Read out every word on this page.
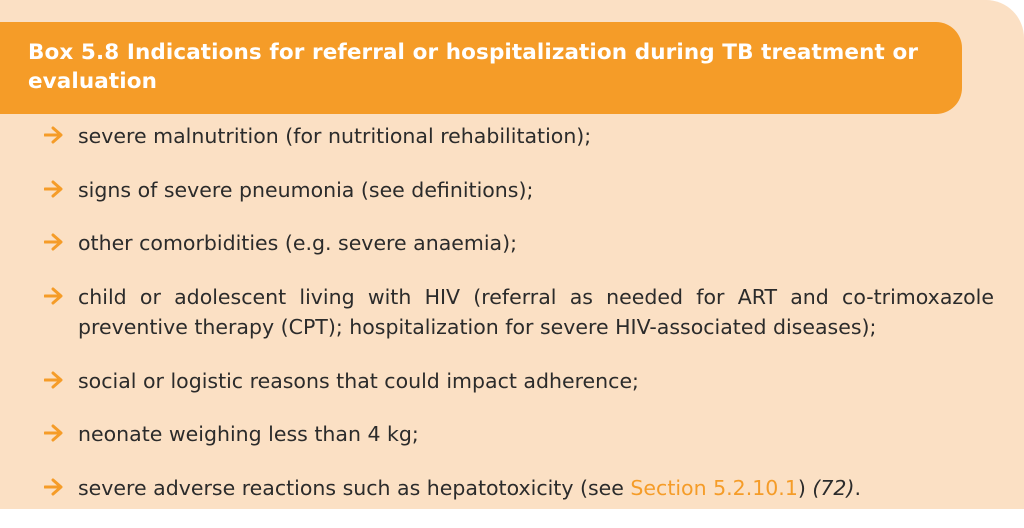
Box 5.8 Indications for referral or hospitalization during TB treatment or evaluation
severe malnutrition (for nutritional rehabilitation);
signs of severe pneumonia (see definitions);
other comorbidities (e.g. severe anaemia);
child or adolescent living with HIV (referral as needed for ART and co-trimoxazole preventive therapy (CPT); hospitalization for severe HIV-associated diseases);
social or logistic reasons that could impact adherence;
neonate weighing less than 4 kg;
severe adverse reactions such as hepatotoxicity (see Section 5.2.10.1) (72).
